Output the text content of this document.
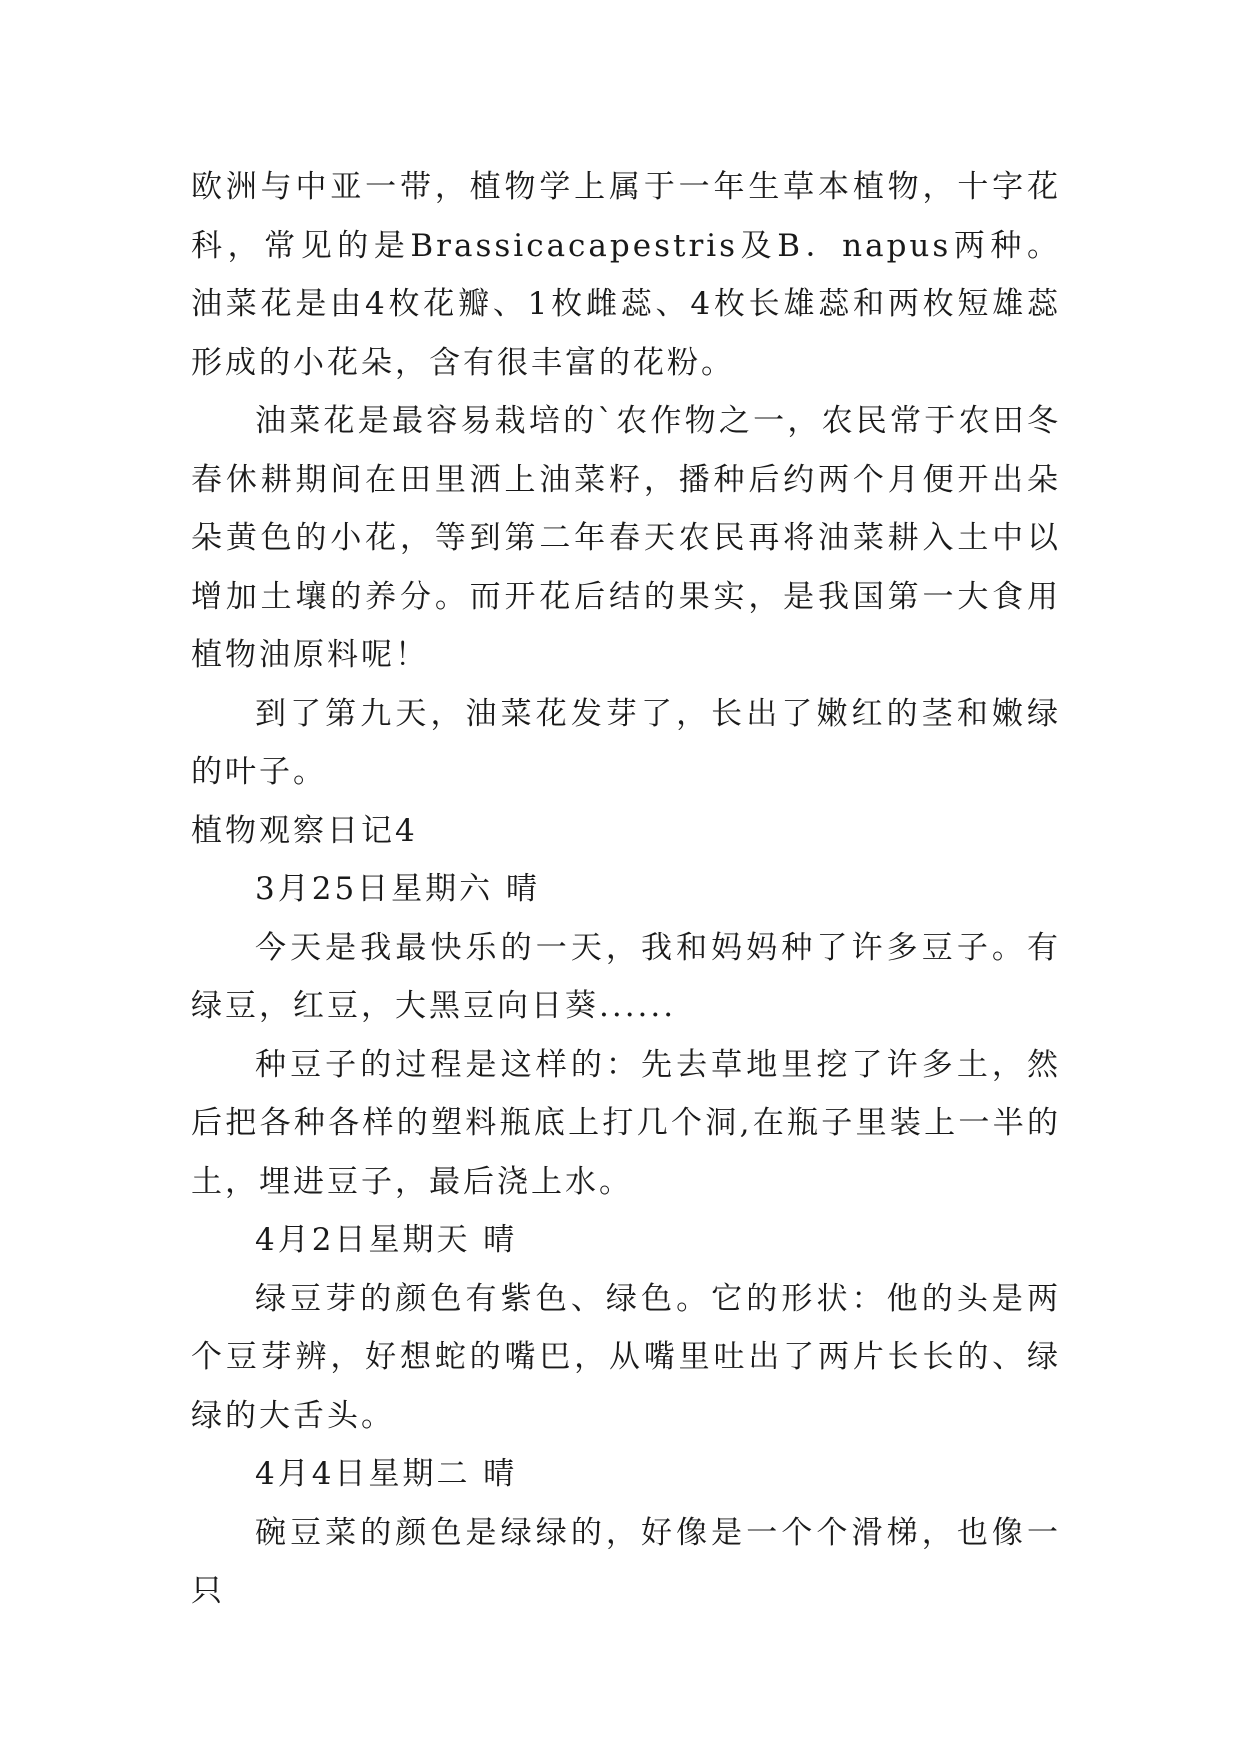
欧洲与中亚一带，植物学上属于一年生草本植物，十字花科，常见的是Brassicacapestris及B．napus两种。油菜花是由4枚花瓣、1枚雌蕊、4枚长雄蕊和两枚短雄蕊形成的小花朵，含有很丰富的花粉。

油菜花是最容易栽培的`农作物之一，农民常于农田冬春休耕期间在田里洒上油菜籽，播种后约两个月便开出朵朵黄色的小花，等到第二年春天农民再将油菜耕入土中以增加土壤的养分。而开花后结的果实，是我国第一大食用植物油原料呢！

到了第九天，油菜花发芽了，长出了嫩红的茎和嫩绿的叶子。

植物观察日记4

3月25日星期六 晴

今天是我最快乐的一天，我和妈妈种了许多豆子。有绿豆，红豆，大黑豆向日葵......

种豆子的过程是这样的：先去草地里挖了许多土，然后把各种各样的塑料瓶底上打几个洞,在瓶子里装上一半的土，埋进豆子，最后浇上水。

4月2日星期天 晴

绿豆芽的颜色有紫色、绿色。它的形状：他的头是两个豆芽辨，好想蛇的嘴巴，从嘴里吐出了两片长长的、绿绿的大舌头。

4月4日星期二 晴

碗豆菜的颜色是绿绿的，好像是一个个滑梯，也像一只
